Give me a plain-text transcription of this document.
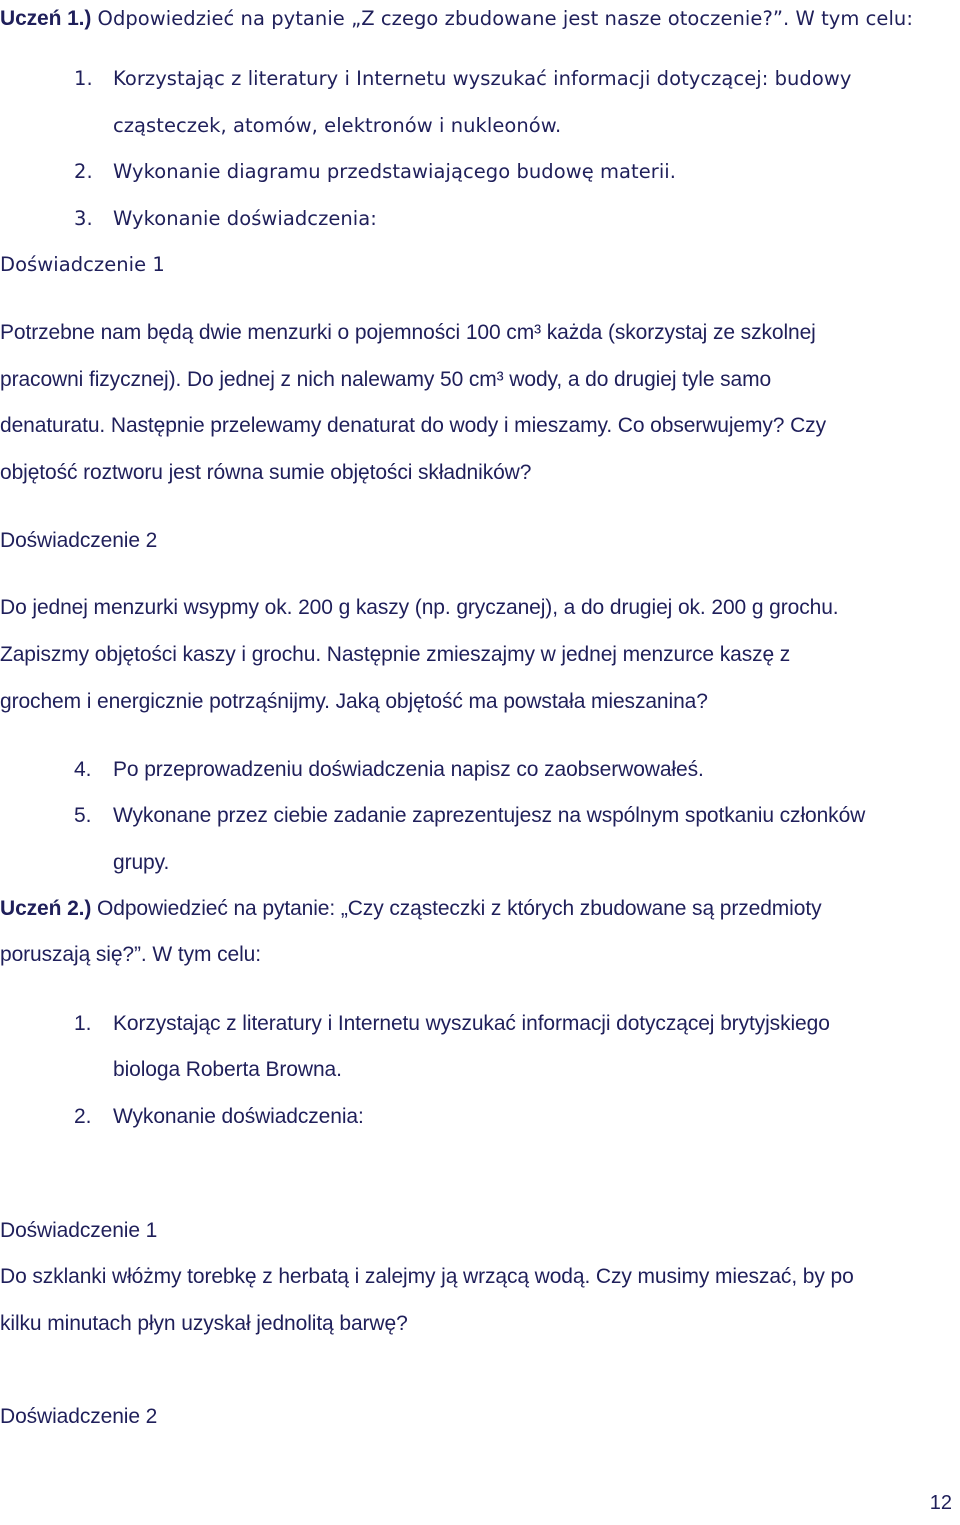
Uczeń 1.) Odpowiedzieć na pytanie „Z czego zbudowane jest nasze otoczenie?”. W tym celu:
1. Korzystając z literatury i Internetu wyszukać informacji dotyczącej: budowy
cząsteczek, atomów, elektronów i nukleonów.
2. Wykonanie diagramu przedstawiającego budowę materii.
3. Wykonanie doświadczenia:
Doświadczenie 1
Potrzebne nam będą dwie menzurki o pojemności 100 cm³ każda (skorzystaj ze szkolnej
pracowni fizycznej). Do jednej z nich nalewamy 50 cm³ wody, a do drugiej tyle samo
denaturatu. Następnie przelewamy denaturat do wody i mieszamy. Co obserwujemy? Czy
objętość roztworu jest równa sumie objętości składników?
Doświadczenie 2
Do jednej menzurki wsypmy ok. 200 g kaszy (np. gryczanej), a do drugiej ok. 200 g grochu.
Zapiszmy objętości kaszy i grochu. Następnie zmieszajmy w jednej menzurce kaszę z
grochem i energicznie potrząśnijmy. Jaką objętość ma powstała mieszanina?
4. Po przeprowadzeniu doświadczenia napisz co zaobserwowałeś.
5. Wykonane przez ciebie zadanie zaprezentujesz na wspólnym spotkaniu członków
grupy.
Uczeń 2.) Odpowiedzieć na pytanie: „Czy cząsteczki z których zbudowane są przedmioty
poruszają się?”. W tym celu:
1. Korzystając z literatury i Internetu wyszukać informacji dotyczącej brytyjskiego
biologa Roberta Browna.
2. Wykonanie doświadczenia:
Doświadczenie 1
Do szklanki włóżmy torebkę z herbatą i zalejmy ją wrzącą wodą. Czy musimy mieszać, by po
kilku minutach płyn uzyskał jednolitą barwę?
Doświadczenie 2
12
